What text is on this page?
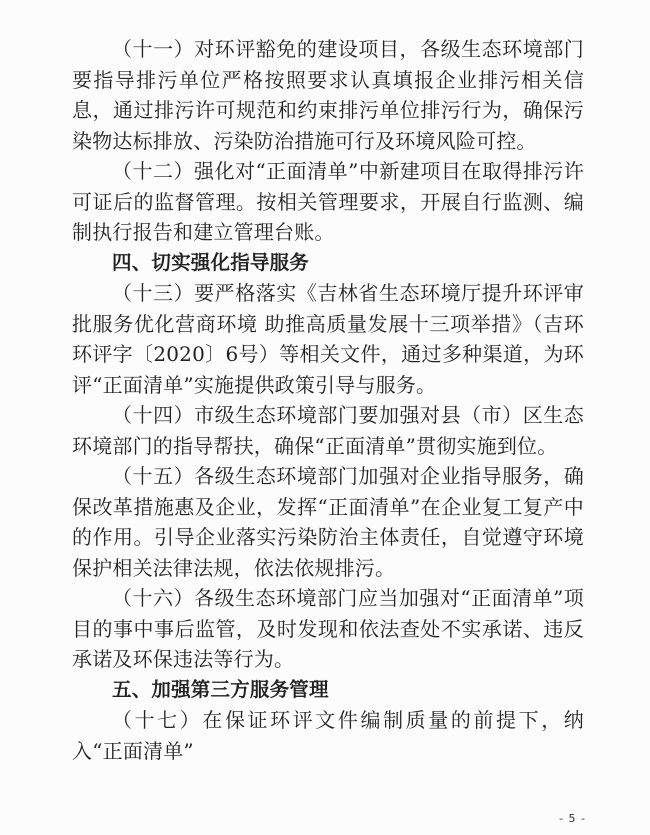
（十一）对环评豁免的建设项目，各级生态环境部门要指导排污单位严格按照要求认真填报企业排污相关信息，通过排污许可规范和约束排污单位排污行为，确保污染物达标排放、污染防治措施可行及环境风险可控。

（十二）强化对“正面清单”中新建项目在取得排污许可证后的监督管理。按相关管理要求，开展自行监测、编制执行报告和建立管理台账。

四、切实强化指导服务

（十三）要严格落实《吉林省生态环境厅提升环评审批服务优化营商环境 助推高质量发展十三项举措》（吉环环评字〔2020〕6号）等相关文件，通过多种渠道，为环评“正面清单”实施提供政策引导与服务。

（十四）市级生态环境部门要加强对县（市）区生态环境部门的指导帮扶，确保“正面清单”贯彻实施到位。

（十五）各级生态环境部门加强对企业指导服务，确保改革措施惠及企业，发挥“正面清单”在企业复工复产中的作用。引导企业落实污染防治主体责任，自觉遵守环境保护相关法律法规，依法依规排污。

（十六）各级生态环境部门应当加强对“正面清单”项目的事中事后监管，及时发现和依法查处不实承诺、违反承诺及环保违法等行为。

五、加强第三方服务管理

（十七）在保证环评文件编制质量的前提下，纳入“正面清单”

- 5 -
